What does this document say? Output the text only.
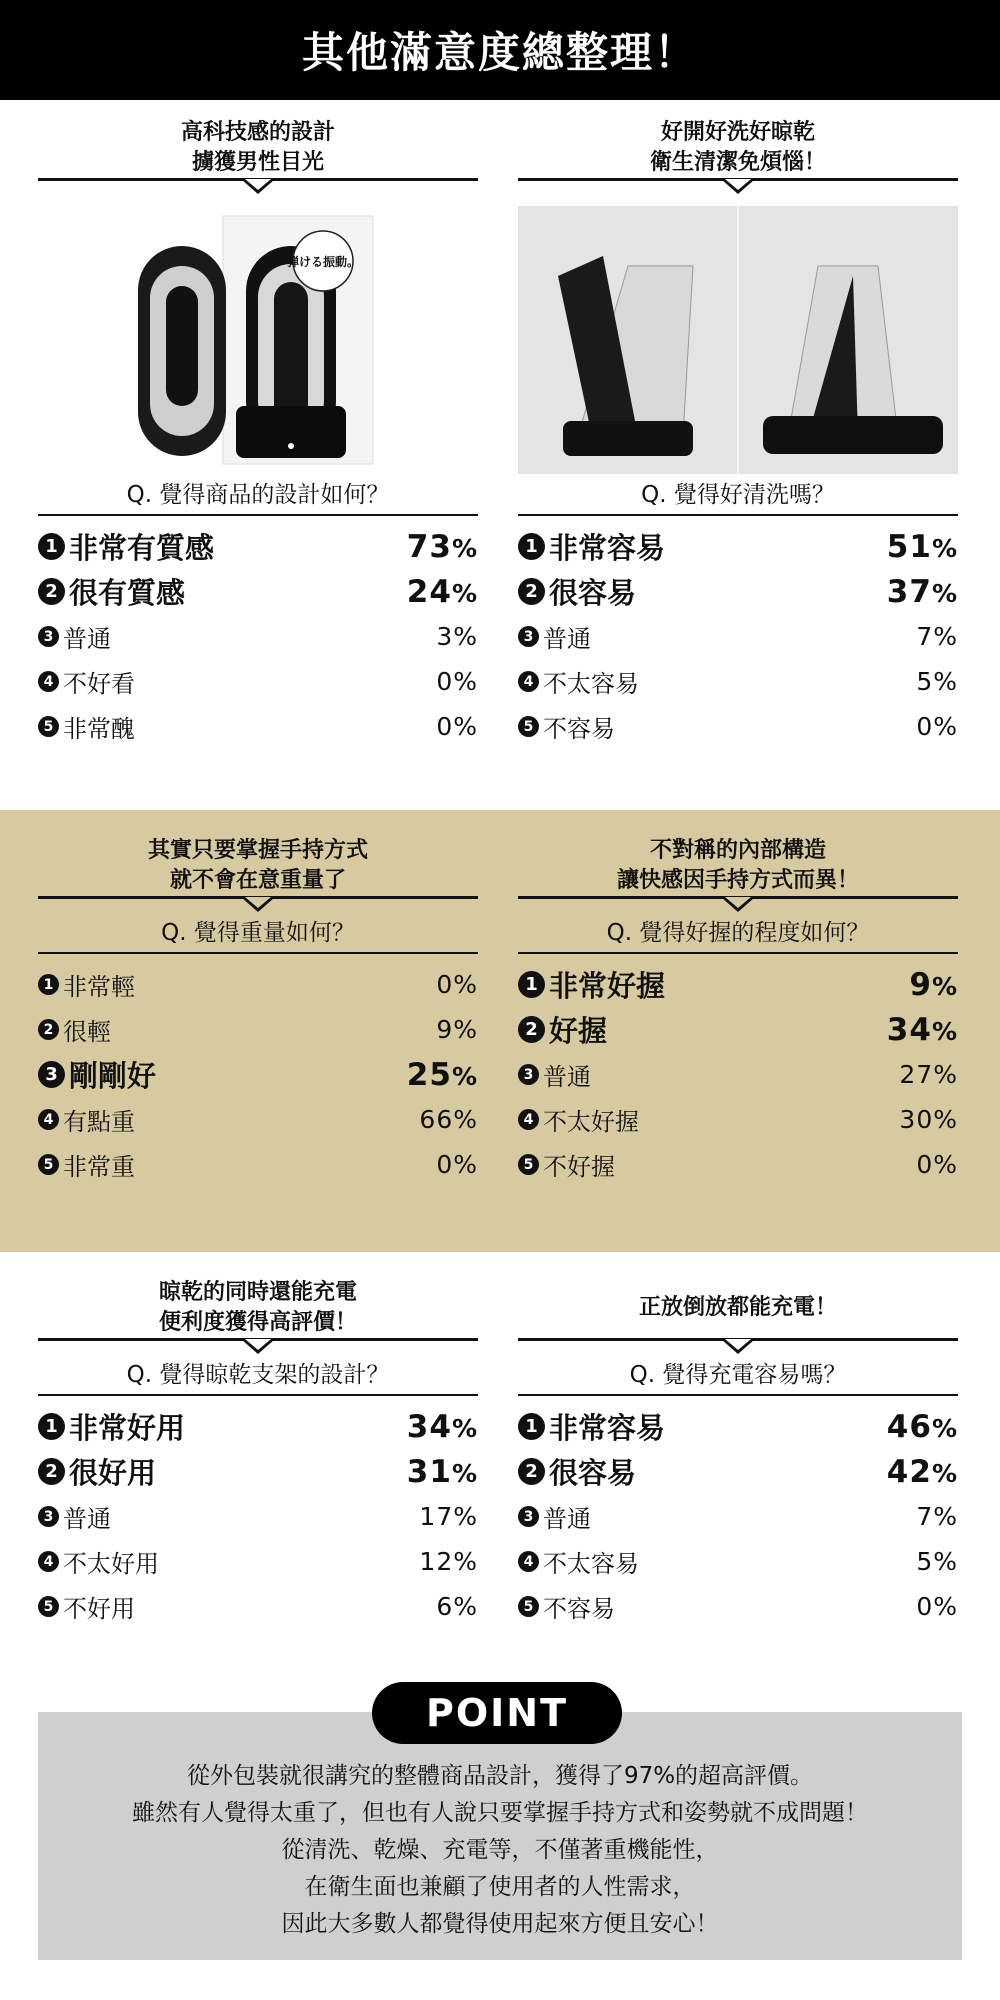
其他滿意度總整理！
高科技感的設計
擄獲男性目光
弾ける振動。
Q. 覺得商品的設計如何？
1 非常有質感	73%
2 很有質感	24%
3 普通	3%
4 不好看	0%
5 非常醜	0%
好開好洗好晾乾
衛生清潔免煩惱！
Q. 覺得好清洗嗎？
1 非常容易	51%
2 很容易	37%
3 普通	7%
4 不太容易	5%
5 不容易	0%
其實只要掌握手持方式
就不會在意重量了
Q. 覺得重量如何？
1 非常輕	0%
2 很輕	9%
3 剛剛好	25%
4 有點重	66%
5 非常重	0%
不對稱的內部構造
讓快感因手持方式而異！
Q. 覺得好握的程度如何？
1 非常好握	9%
2 好握	34%
3 普通	27%
4 不太好握	30%
5 不好握	0%
晾乾的同時還能充電
便利度獲得高評價！
Q. 覺得晾乾支架的設計？
1 非常好用	34%
2 很好用	31%
3 普通	17%
4 不太好用	12%
5 不好用	6%
正放倒放都能充電！
Q. 覺得充電容易嗎？
1 非常容易	46%
2 很容易	42%
3 普通	7%
4 不太容易	5%
5 不容易	0%
POINT
從外包裝就很講究的整體商品設計，獲得了97%的超高評價。
雖然有人覺得太重了，但也有人說只要掌握手持方式和姿勢就不成問題！
從清洗、乾燥、充電等，不僅著重機能性，
在衛生面也兼顧了使用者的人性需求，
因此大多數人都覺得使用起來方便且安心！
